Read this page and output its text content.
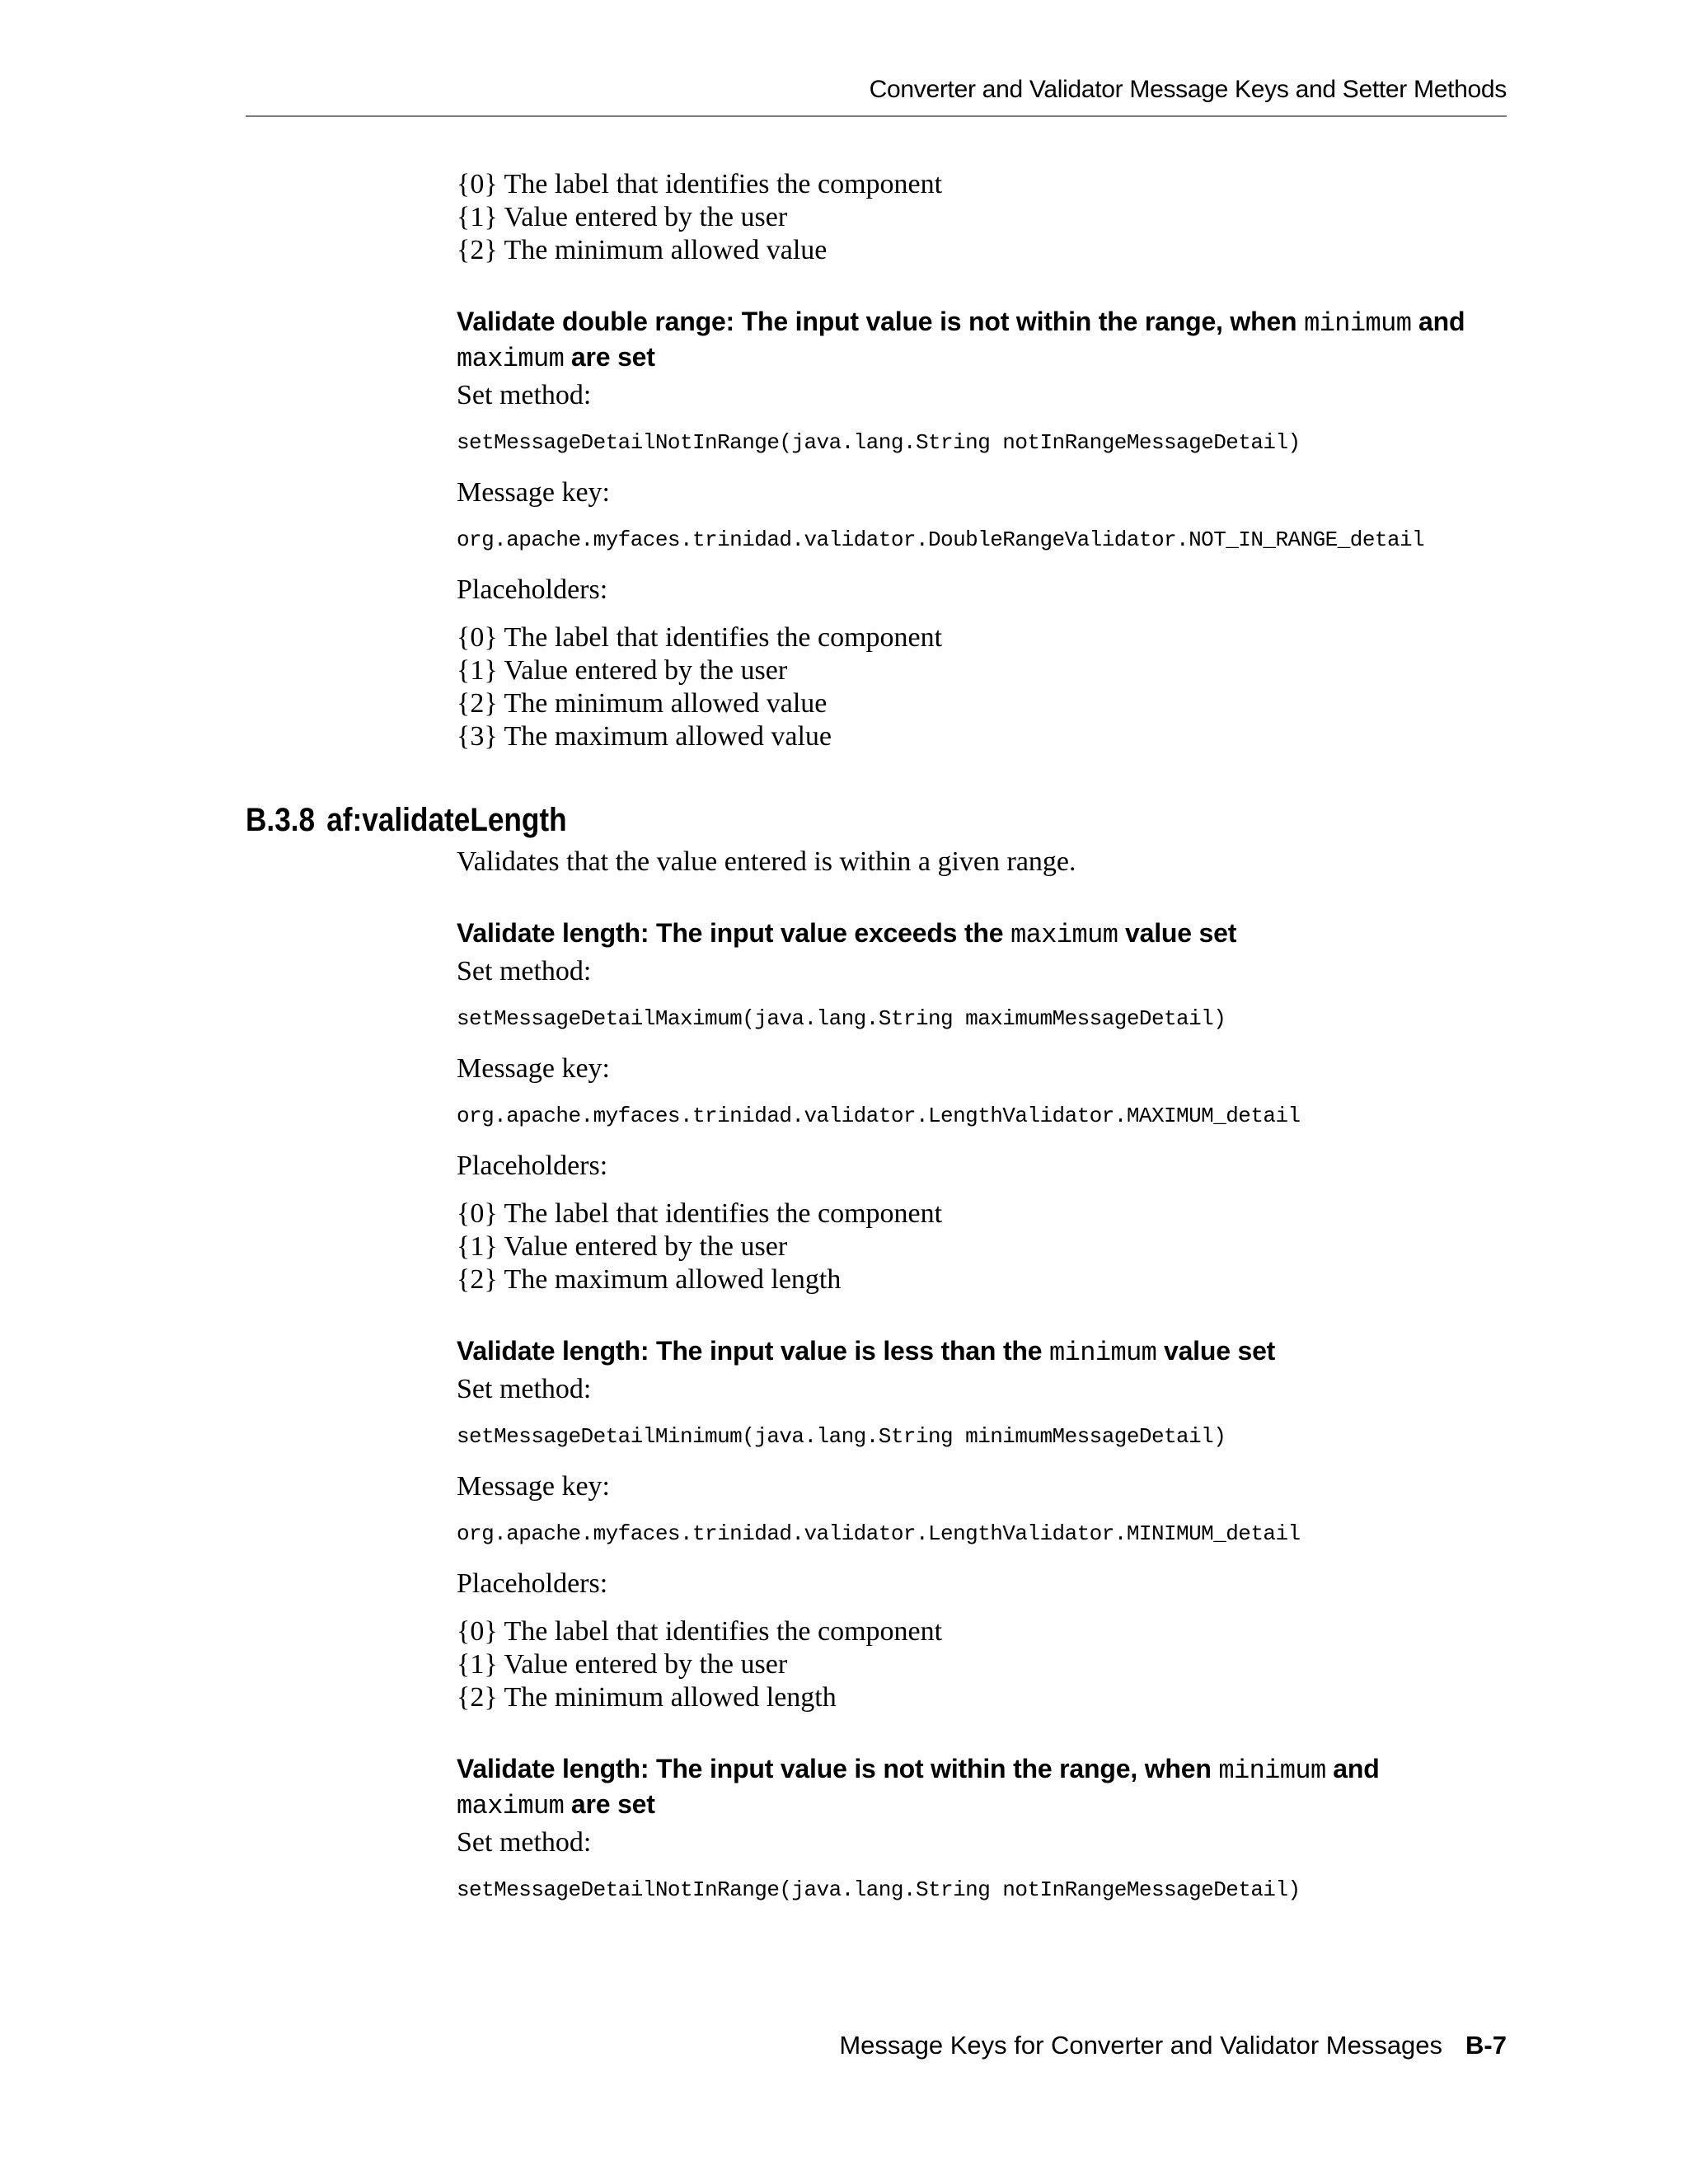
Converter and Validator Message Keys and Setter Methods
{0} The label that identifies the component
{1} Value entered by the user
{2} The minimum allowed value
Validate double range: The input value is not within the range, when minimum and
maximum are set
Set method:
setMessageDetailNotInRange(java.lang.String notInRangeMessageDetail)
Message key:
org.apache.myfaces.trinidad.validator.DoubleRangeValidator.NOT_IN_RANGE_detail
Placeholders:
{0} The label that identifies the component
{1} Value entered by the user
{2} The minimum allowed value
{3} The maximum allowed value
B.3.8 af:validateLength
Validates that the value entered is within a given range.
Validate length: The input value exceeds the maximum value set
Set method:
setMessageDetailMaximum(java.lang.String maximumMessageDetail)
Message key:
org.apache.myfaces.trinidad.validator.LengthValidator.MAXIMUM_detail
Placeholders:
{0} The label that identifies the component
{1} Value entered by the user
{2} The maximum allowed length
Validate length: The input value is less than the minimum value set
Set method:
setMessageDetailMinimum(java.lang.String minimumMessageDetail)
Message key:
org.apache.myfaces.trinidad.validator.LengthValidator.MINIMUM_detail
Placeholders:
{0} The label that identifies the component
{1} Value entered by the user
{2} The minimum allowed length
Validate length: The input value is not within the range, when minimum and
maximum are set
Set method:
setMessageDetailNotInRange(java.lang.String notInRangeMessageDetail)
Message Keys for Converter and Validator Messages B-7
